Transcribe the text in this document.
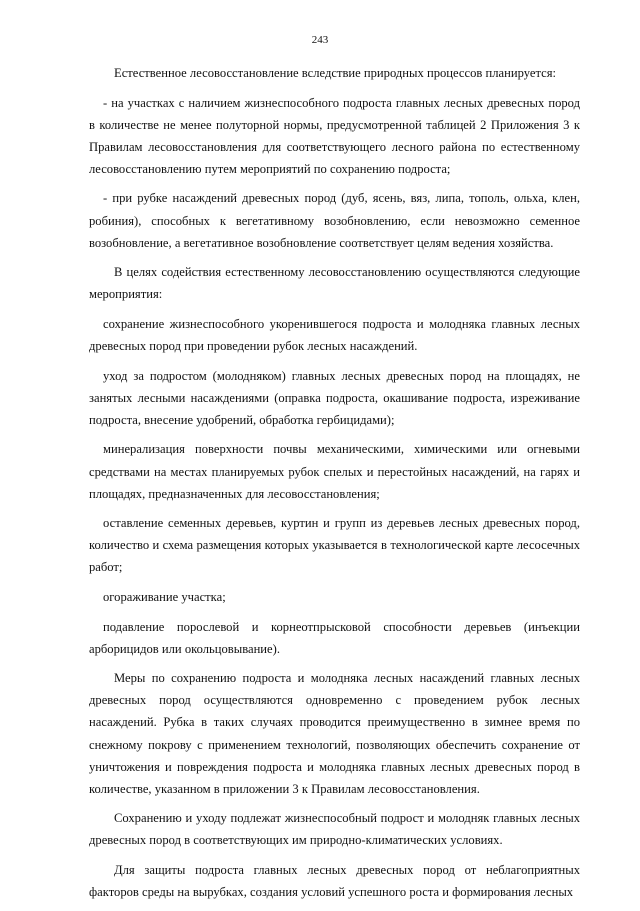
243

Естественное лесовосстановление вследствие природных процессов планируется:

- на участках с наличием жизнеспособного подроста главных лесных древесных пород в количестве не менее полуторной нормы, предусмотренной таблицей 2 Приложения 3 к Правилам лесовосстановления для соответствующего лесного района по естественному лесовосстановлению путем мероприятий по сохранению подроста;

- при рубке насаждений древесных пород (дуб, ясень, вяз, липа, тополь, ольха, клен, робиния), способных к вегетативному возобновлению, если невозможно семенное возобновление, а вегетативное возобновление соответствует целям ведения хозяйства.

В целях содействия естественному лесовосстановлению осуществляются следующие мероприятия:

сохранение жизнеспособного укоренившегося подроста и молодняка главных лесных древесных пород при проведении рубок лесных насаждений.

уход за подростом (молодняком) главных лесных древесных пород на площадях, не занятых лесными насаждениями (оправка подроста, окашивание подроста, изреживание подроста, внесение удобрений, обработка гербицидами);

минерализация поверхности почвы механическими, химическими или огневыми средствами на местах планируемых рубок спелых и перестойных насаждений, на гарях и площадях, предназначенных для лесовосстановления;

оставление семенных деревьев, куртин и групп из деревьев лесных древесных пород, количество и схема размещения которых указывается в технологической карте лесосечных работ;

огораживание участка;

подавление порослевой и корнеотпрысковой способности деревьев (инъекции арборицидов или окольцовывание).

Меры по сохранению подроста и молодняка лесных насаждений главных лесных древесных пород осуществляются одновременно с проведением рубок лесных насаждений. Рубка в таких случаях проводится преимущественно в зимнее время по снежному покрову с применением технологий, позволяющих обеспечить сохранение от уничтожения и повреждения подроста и молодняка главных лесных древесных пород в количестве, указанном в приложении 3 к Правилам лесовосстановления.

Сохранению и уходу подлежат жизнеспособный подрост и молодняк главных лесных древесных пород в соответствующих им природно-климатических условиях.

Для защиты подроста главных лесных древесных пород от неблагоприятных факторов среды на вырубках, создания условий успешного роста и формирования лесных
